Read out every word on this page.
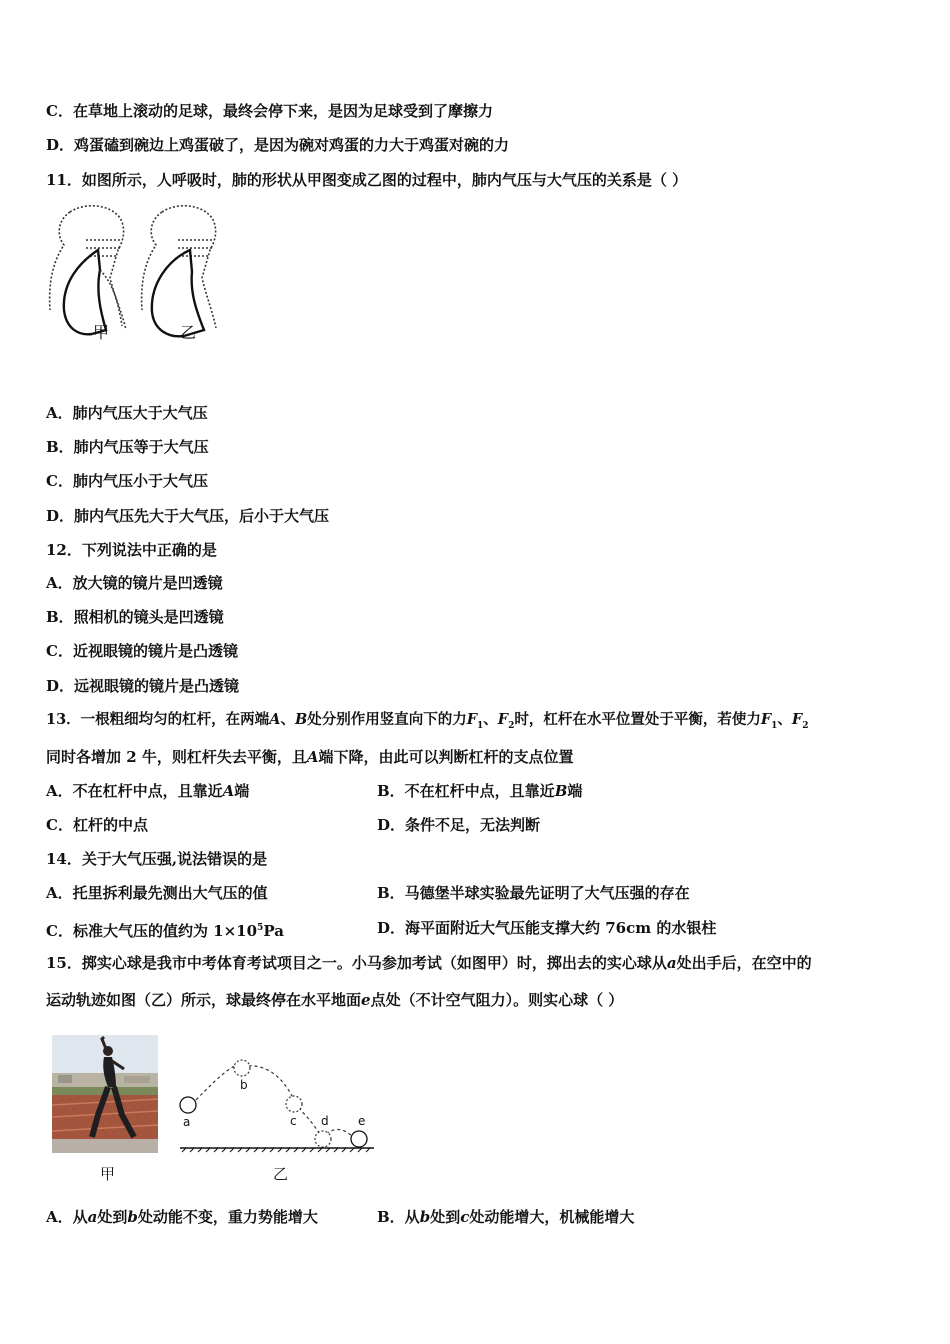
C．在草地上滚动的足球，最终会停下来，是因为足球受到了摩擦力
D．鸡蛋磕到碗边上鸡蛋破了，是因为碗对鸡蛋的力大于鸡蛋对碗的力
11．如图所示，人呼吸时，肺的形状从甲图变成乙图的过程中，肺内气压与大气压的关系是（ ）
甲	乙
A．肺内气压大于大气压
B．肺内气压等于大气压
C．肺内气压小于大气压
D．肺内气压先大于大气压，后小于大气压
12．下列说法中正确的是
A．放大镜的镜片是凹透镜
B．照相机的镜头是凹透镜
C．近视眼镜的镜片是凸透镜
D．远视眼镜的镜片是凸透镜
13．一根粗细均匀的杠杆，在两端A、B处分别作用竖直向下的力$F_1$、$F_2$时，杠杆在水平位置处于平衡，若使力$F_1$、$F_2$
同时各增加 2 牛，则杠杆失去平衡，且A端下降，由此可以判断杠杆的支点位置
A．不在杠杆中点，且靠近A端	B．不在杠杆中点，且靠近B端
C．杠杆的中点	D．条件不足，无法判断
14．关于大气压强,说法错误的是
A．托里拆利最先测出大气压的值	B．马德堡半球实验最先证明了大气压强的存在
C．标准大气压的值约为 $1\times 10^5Pa$	D．海平面附近大气压能支撑大约 76cm 的水银柱
15．掷实心球是我市中考体育考试项目之一。小马参加考试（如图甲）时，掷出去的实心球从a处出手后，在空中的
运动轨迹如图（乙）所示，球最终停在水平地面e点处（不计空气阻力）。则实心球（ ）
甲
a
b
c d e
乙
A．从a处到b处动能不变，重力势能增大	B．从b处到c处动能增大，机械能增大
